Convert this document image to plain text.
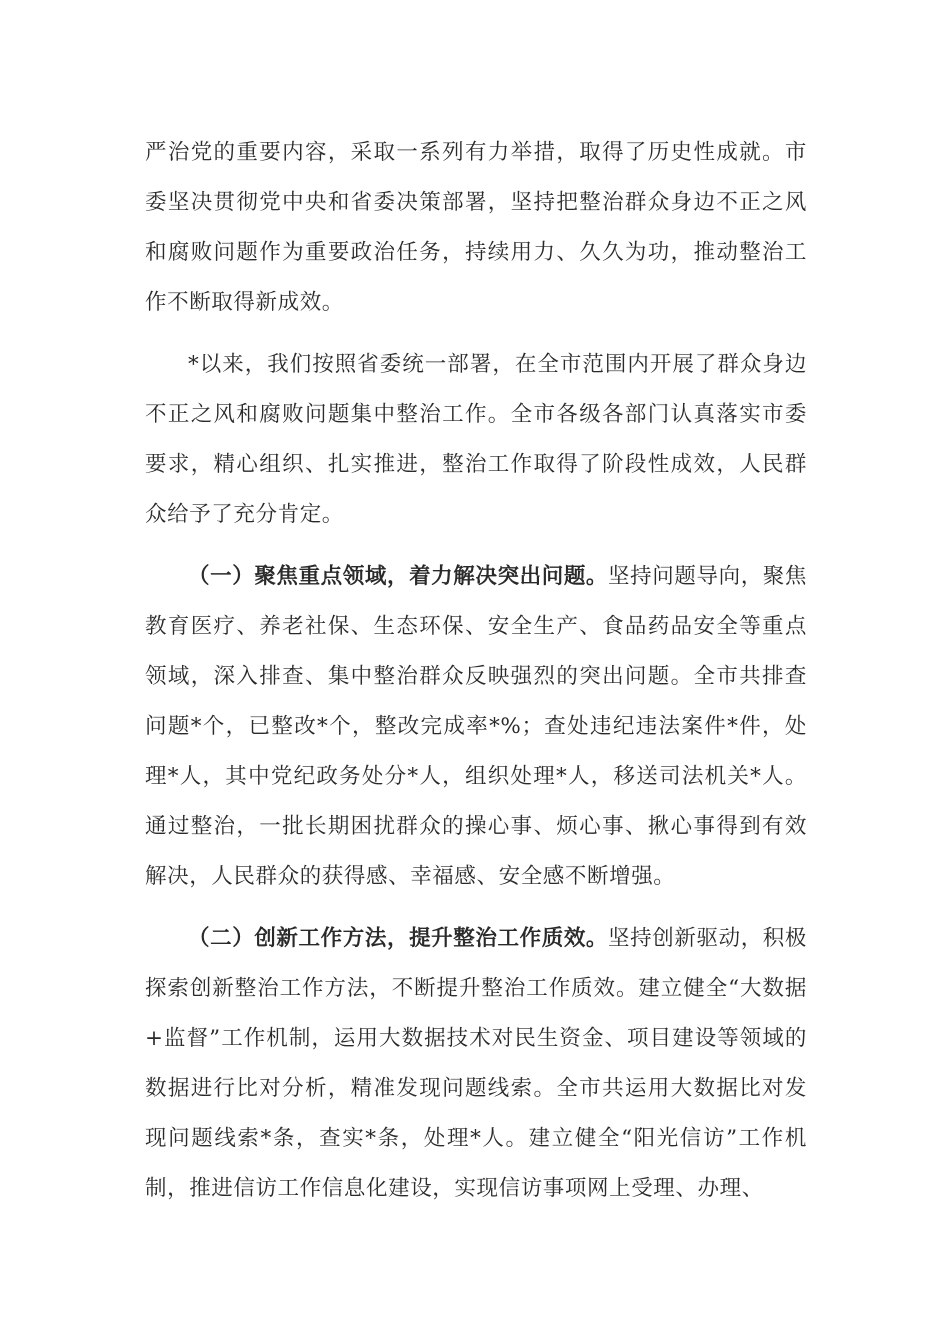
严治党的重要内容，采取一系列有力举措，取得了历史性成就。市委坚决贯彻党中央和省委决策部署，坚持把整治群众身边不正之风和腐败问题作为重要政治任务，持续用力、久久为功，推动整治工作不断取得新成效。

*以来，我们按照省委统一部署，在全市范围内开展了群众身边不正之风和腐败问题集中整治工作。全市各级各部门认真落实市委要求，精心组织、扎实推进，整治工作取得了阶段性成效，人民群众给予了充分肯定。

（一）聚焦重点领域，着力解决突出问题。坚持问题导向，聚焦教育医疗、养老社保、生态环保、安全生产、食品药品安全等重点领域，深入排查、集中整治群众反映强烈的突出问题。全市共排查问题*个，已整改*个，整改完成率*%；查处违纪违法案件*件，处理*人，其中党纪政务处分*人，组织处理*人，移送司法机关*人。通过整治，一批长期困扰群众的操心事、烦心事、揪心事得到有效解决，人民群众的获得感、幸福感、安全感不断增强。

（二）创新工作方法，提升整治工作质效。坚持创新驱动，积极探索创新整治工作方法，不断提升整治工作质效。建立健全“大数据+监督”工作机制，运用大数据技术对民生资金、项目建设等领域的数据进行比对分析，精准发现问题线索。全市共运用大数据比对发现问题线索*条，查实*条，处理*人。建立健全“阳光信访”工作机制，推进信访工作信息化建设，实现信访事项网上受理、办理、
